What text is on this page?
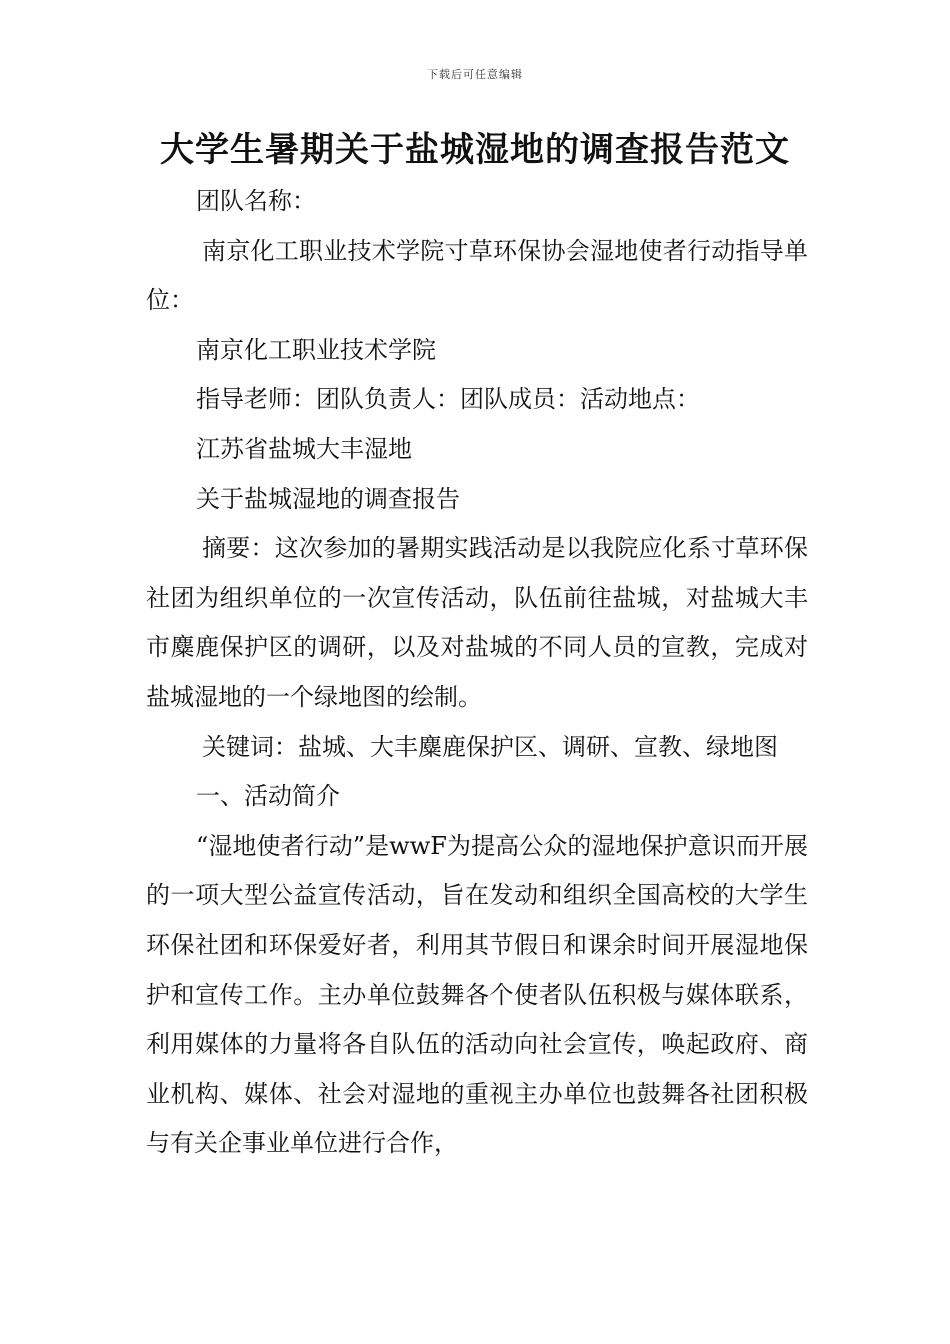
下载后可任意编辑
大学生暑期关于盐城湿地的调查报告范文

团队名称：

南京化工职业技术学院寸草环保协会湿地使者行动指导单位：

南京化工职业技术学院

指导老师：团队负责人：团队成员：活动地点：

江苏省盐城大丰湿地

关于盐城湿地的调查报告

摘要：这次参加的暑期实践活动是以我院应化系寸草环保社团为组织单位的一次宣传活动，队伍前往盐城，对盐城大丰市麋鹿保护区的调研，以及对盐城的不同人员的宣教，完成对盐城湿地的一个绿地图的绘制。

关键词：盐城、大丰麋鹿保护区、调研、宣教、绿地图

一、活动简介

“湿地使者行动”是wwF为提高公众的湿地保护意识而开展的一项大型公益宣传活动，旨在发动和组织全国高校的大学生环保社团和环保爱好者，利用其节假日和课余时间开展湿地保护和宣传工作。主办单位鼓舞各个使者队伍积极与媒体联系，利用媒体的力量将各自队伍的活动向社会宣传，唤起政府、商业机构、媒体、社会对湿地的重视主办单位也鼓舞各社团积极与有关企事业单位进行合作，
